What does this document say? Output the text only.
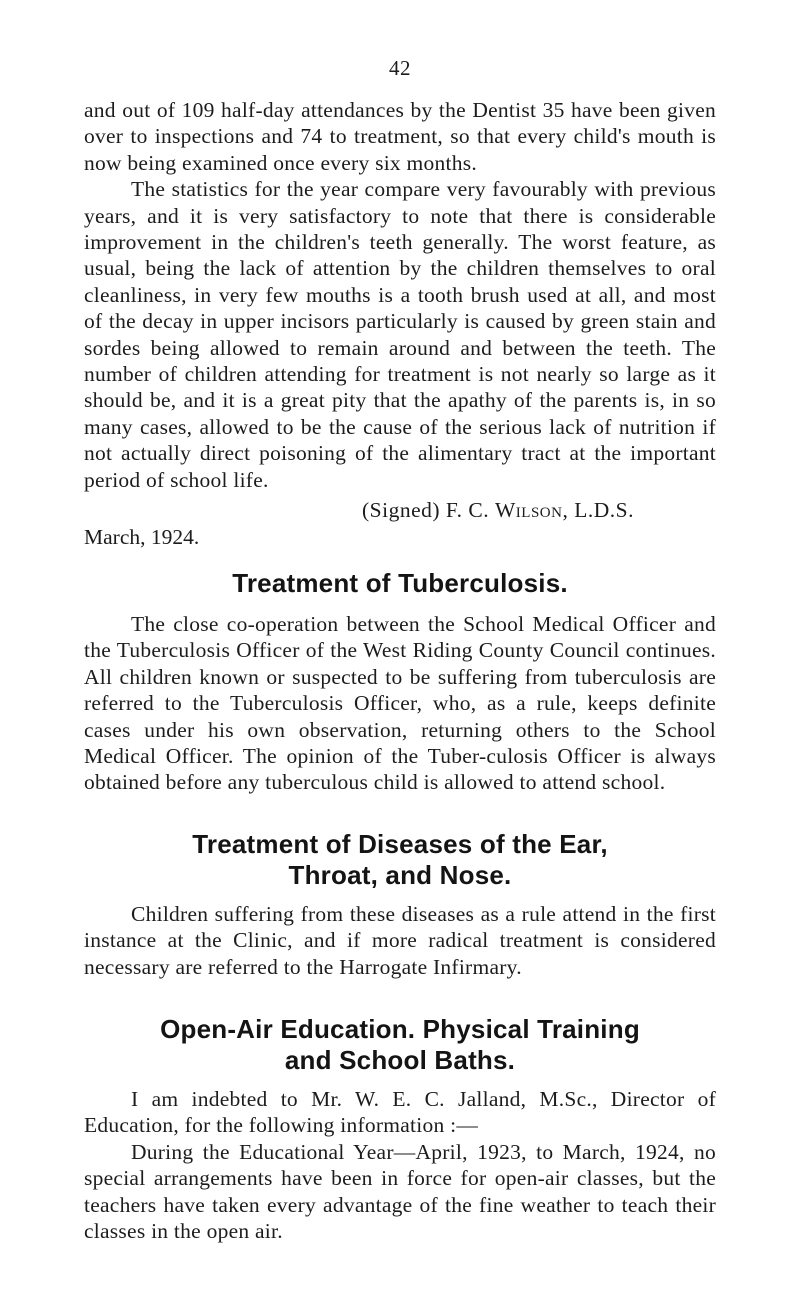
42

and out of 109 half-day attendances by the Dentist 35 have been given over to inspections and 74 to treatment, so that every child's mouth is now being examined once every six months.

The statistics for the year compare very favourably with previous years, and it is very satisfactory to note that there is considerable improvement in the children's teeth generally. The worst feature, as usual, being the lack of attention by the children themselves to oral cleanliness, in very few mouths is a tooth brush used at all, and most of the decay in upper incisors particularly is caused by green stain and sordes being allowed to remain around and between the teeth. The number of children attending for treatment is not nearly so large as it should be, and it is a great pity that the apathy of the parents is, in so many cases, allowed to be the cause of the serious lack of nutrition if not actually direct poisoning of the alimentary tract at the important period of school life.

(Signed) F. C. Wilson, L.D.S.
March, 1924.
Treatment of Tuberculosis.

The close co-operation between the School Medical Officer and the Tuberculosis Officer of the West Riding County Council continues. All children known or suspected to be suffering from tuberculosis are referred to the Tuberculosis Officer, who, as a rule, keeps definite cases under his own observation, returning others to the School Medical Officer. The opinion of the Tuber-culosis Officer is always obtained before any tuberculous child is allowed to attend school.

Treatment of Diseases of the Ear,
Throat, and Nose.

Children suffering from these diseases as a rule attend in the first instance at the Clinic, and if more radical treatment is considered necessary are referred to the Harrogate Infirmary.

Open-Air Education. Physical Training
and School Baths.

I am indebted to Mr. W. E. C. Jalland, M.Sc., Director of Education, for the following information :—

During the Educational Year—April, 1923, to March, 1924, no special arrangements have been in force for open-air classes, but the teachers have taken every advantage of the fine weather to teach their classes in the open air.
